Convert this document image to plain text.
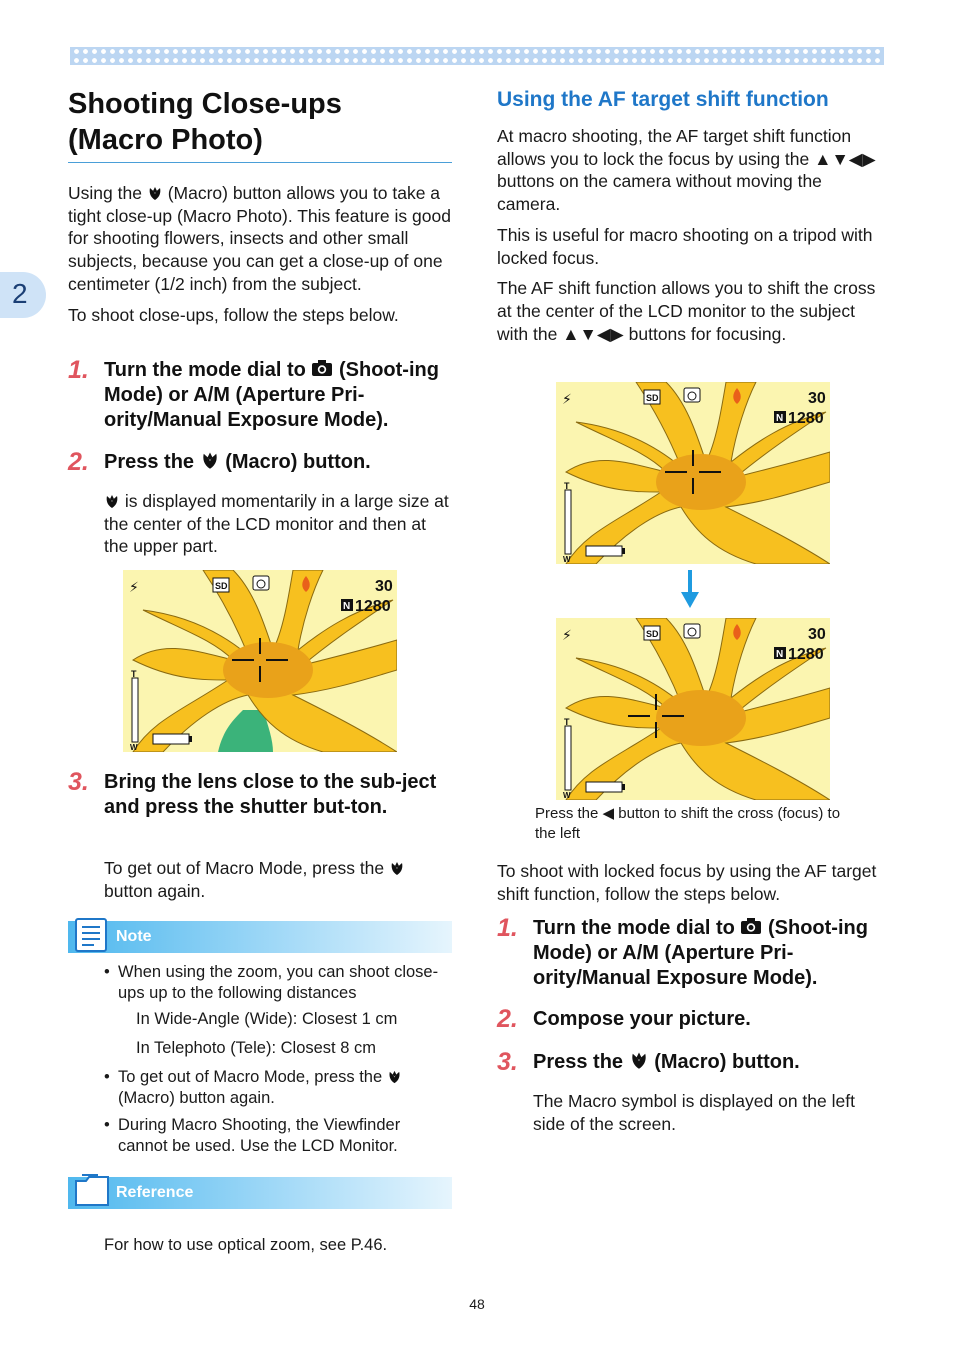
2
Shooting Close-ups
(Macro Photo)

Using the (Macro) button allows you to take a tight close-up (Macro Photo). This feature is good for shooting flowers, insects and other small subjects, because you can get a close-up of one centimeter (1/2 inch) from the subject.

To shoot close-ups, follow the steps below.

1. Turn the mode dial to (Shoot-ing Mode) or A/M (Aperture Pri-ority/Manual Exposure Mode).
2. Press the (Macro) button.

is displayed momentarily in a large size at the center of the LCD monitor and then at the upper part.

⚡	SD	30
N 1280
T
W
3. Bring the lens close to the sub-ject and press the shutter but-ton.

To get out of Macro Mode, press the  button again.

Note
• When using the zoom, you can shoot close-ups up to the following distances
In Wide-Angle (Wide): Closest 1 cm
In Telephoto (Tele): Closest 8 cm
• To get out of Macro Mode, press the  (Macro) button again.
• During Macro Shooting, the Viewfinder cannot be used. Use the LCD Monitor.
Reference

For how to use optical zoom, see P.46.

Using the AF target shift function

At macro shooting, the AF target shift function allows you to lock the focus by using the ▲▼◀▶ buttons on the camera without moving the camera.

This is useful for macro shooting on a tripod with locked focus.

The AF shift function allows you to shift the cross at the center of the LCD monitor to the subject with the ▲▼◀▶ buttons for focusing.

⚡	SD	30
N 1280
T
W
⚡	SD	30
N 1280
T
W

Press the ◀ button to shift the cross (focus) to the left

To shoot with locked focus by using the AF target shift function, follow the steps below.

1. Turn the mode dial to (Shoot-ing Mode) or A/M (Aperture Pri-ority/Manual Exposure Mode).
2. Compose your picture.
3. Press the (Macro) button.

The Macro symbol is displayed on the left side of the screen.

48
